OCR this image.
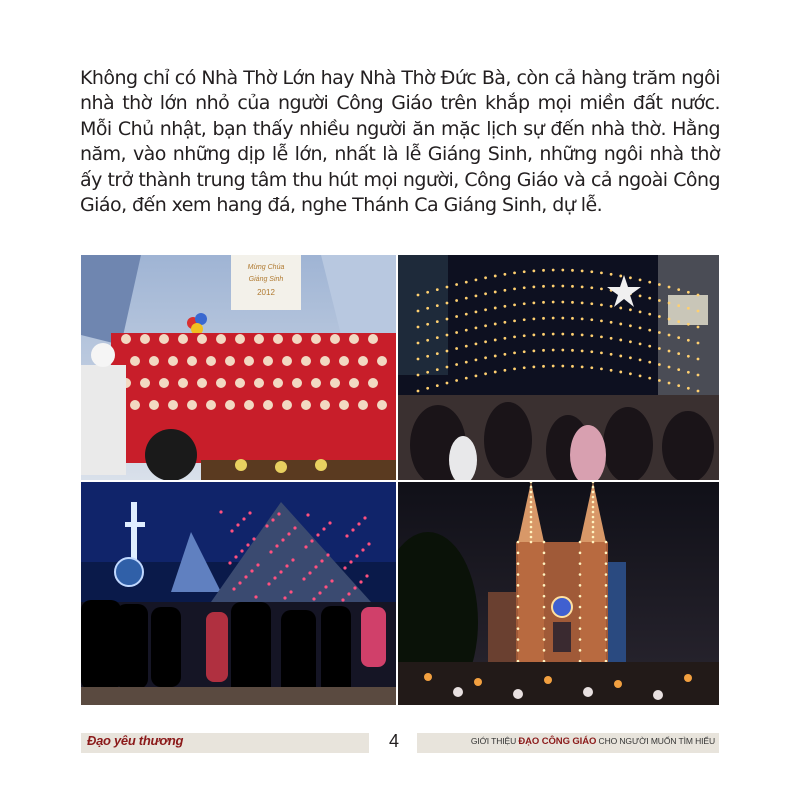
Không chỉ có Nhà Thờ Lớn hay Nhà Thờ Đức Bà, còn cả hàng trăm ngôi nhà thờ lớn nhỏ của người Công Giáo trên khắp mọi miền đất nước. Mỗi Chủ nhật, bạn thấy nhiều người ăn mặc lịch sự đến nhà thờ. Hằng năm, vào những dịp lễ lớn, nhất là lễ Giáng Sinh, những ngôi nhà thờ ấy trở thành trung tâm thu hút mọi người, Công Giáo và cả ngoài Công Giáo, đến xem hang đá, nghe Thánh Ca Giáng Sinh, dự lễ.

Mừng Chúa
Giáng Sinh
2012
Đạo yêu thương	4	GIỚI THIỆU ĐẠO CÔNG GIÁO CHO NGƯỜI MUỐN TÌM HIỂU
